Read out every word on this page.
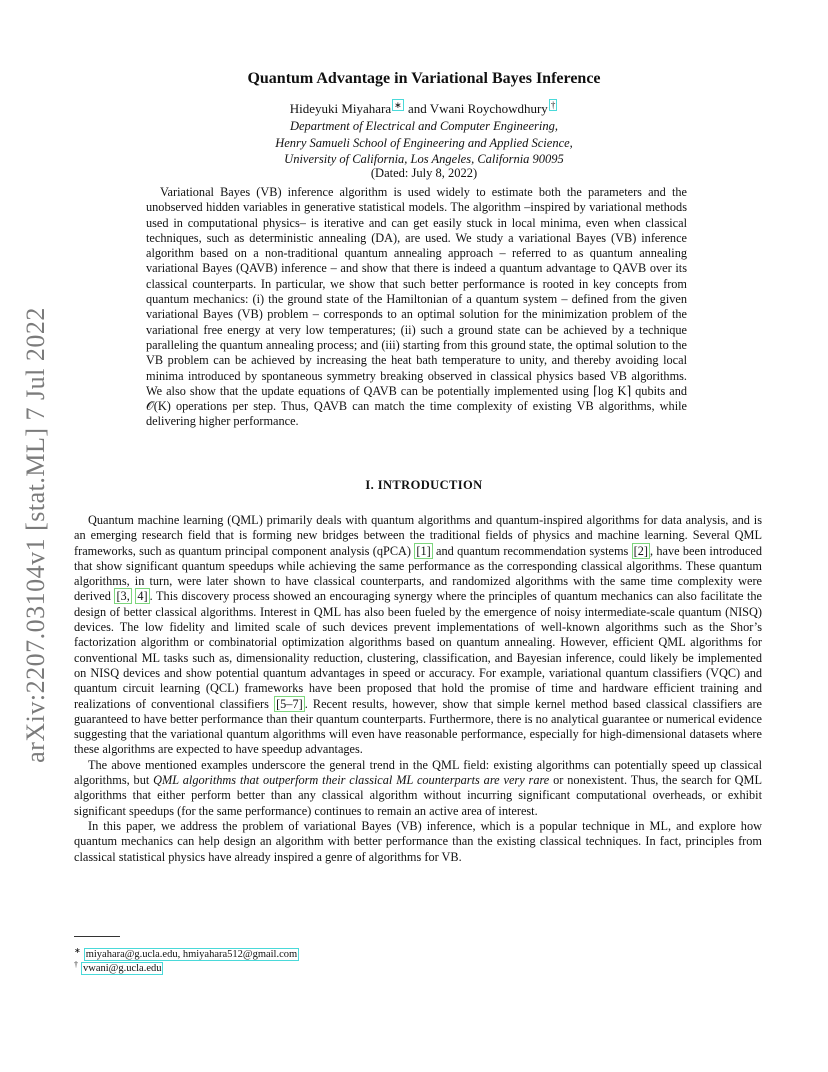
arXiv:2207.03104v1 [stat.ML] 7 Jul 2022
Quantum Advantage in Variational Bayes Inference
Hideyuki Miyahara ∗ and Vwani Roychowdhury †
Department of Electrical and Computer Engineering,
Henry Samueli School of Engineering and Applied Science,
University of California, Los Angeles, California 90095
(Dated: July 8, 2022)

Variational Bayes (VB) inference algorithm is used widely to estimate both the parameters and the unobserved hidden variables in generative statistical models. The algorithm –inspired by variational methods used in computational physics– is iterative and can get easily stuck in local minima, even when classical techniques, such as deterministic annealing (DA), are used. We study a variational Bayes (VB) inference algorithm based on a non-traditional quantum annealing approach – referred to as quantum annealing variational Bayes (QAVB) inference – and show that there is indeed a quantum advantage to QAVB over its classical counterparts. In particular, we show that such better performance is rooted in key concepts from quantum mechanics: (i) the ground state of the Hamiltonian of a quantum system – defined from the given variational Bayes (VB) problem – corresponds to an optimal solution for the minimization problem of the variational free energy at very low temperatures; (ii) such a ground state can be achieved by a technique paralleling the quantum annealing process; and (iii) starting from this ground state, the optimal solution to the VB problem can be achieved by increasing the heat bath temperature to unity, and thereby avoiding local minima introduced by spontaneous symmetry breaking observed in classical physics based VB algorithms. We also show that the update equations of QAVB can be potentially implemented using ⌈log K⌉ qubits and 𝒪(K) operations per step. Thus, QAVB can match the time complexity of existing VB algorithms, while delivering higher performance.

I. INTRODUCTION

Quantum machine learning (QML) primarily deals with quantum algorithms and quantum-inspired algorithms for data analysis, and is an emerging research field that is forming new bridges between the traditional fields of physics and machine learning. Several QML frameworks, such as quantum principal component analysis (qPCA) [1] and quantum recommendation systems [2] , have been introduced that show significant quantum speedups while achieving the same performance as the corresponding classical algorithms. These quantum algorithms, in turn, were later shown to have classical counterparts, and randomized algorithms with the same time complexity were derived [3, 4] . This discovery process showed an encouraging synergy where the principles of quantum mechanics can also facilitate the design of better classical algorithms. Interest in QML has also been fueled by the emergence of noisy intermediate-scale quantum (NISQ) devices. The low fidelity and limited scale of such devices prevent implementations of well-known algorithms such as the Shor’s factorization algorithm or combinatorial optimization algorithms based on quantum annealing. However, efficient QML algorithms for conventional ML tasks such as, dimensionality reduction, clustering, classification, and Bayesian inference, could likely be implemented on NISQ devices and show potential quantum advantages in speed or accuracy. For example, variational quantum classifiers (VQC) and quantum circuit learning (QCL) frameworks have been proposed that hold the promise of time and hardware efficient training and realizations of conventional classifiers [5–7] . Recent results, however, show that simple kernel method based classical classifiers are guaranteed to have better performance than their quantum counterparts. Furthermore, there is no analytical guarantee or numerical evidence suggesting that the variational quantum algorithms will even have reasonable performance, especially for high-dimensional datasets where these algorithms are expected to have speedup advantages.

The above mentioned examples underscore the general trend in the QML field: existing algorithms can potentially speed up classical algorithms, but QML algorithms that outperform their classical ML counterparts are very rare or nonexistent. Thus, the search for QML algorithms that either perform better than any classical algorithm without incurring significant computational overheads, or exhibit significant speedups (for the same performance) continues to remain an active area of interest.

In this paper, we address the problem of variational Bayes (VB) inference, which is a popular technique in ML, and explore how quantum mechanics can help design an algorithm with better performance than the existing classical techniques. In fact, principles from classical statistical physics have already inspired a genre of algorithms for VB.

∗ miyahara@g.ucla.edu, hmiyahara512@gmail.com
† vwani@g.ucla.edu
